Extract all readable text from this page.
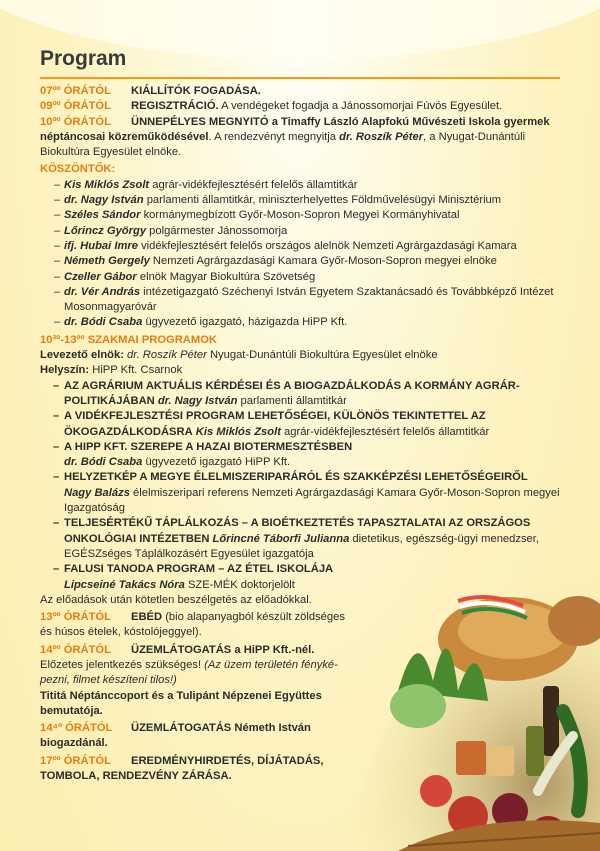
Program

07ºº ÓRÁTÓL KIÁLLÍTÓK FOGADÁSA.

09ºº ÓRÁTÓL REGISZTRÁCIÓ. A vendégeket fogadja a Jánossomorjai Fúvós Egyesület.

10ºº ÓRÁTÓL ÜNNEPÉLYES MEGNYITÓ a Timaffy László Alapfokú Művészeti Iskola gyermek

néptáncosai közreműködésével. A rendezvényt megnyitja dr. Roszík Péter, a Nyugat-Dunántúli

Biokultúra Egyesület elnöke.

KÖSZÖNTŐK:

– Kis Miklós Zsolt agrár-vidékfejlesztésért felelős államtitkár
– dr. Nagy István parlamenti államtitkár, miniszterhelyettes Földművelésügyi Minisztérium
– Széles Sándor kormánymegbízott Győr-Moson-Sopron Megyei Kormányhivatal
– Lőrincz György polgármester Jánossomorja
– ifj. Hubai Imre vidékfejlesztésért felelős országos alelnök Nemzeti Agrárgazdasági Kamara
– Németh Gergely Nemzeti Agrárgazdasági Kamara Győr-Moson-Sopron megyei elnöke
– Czeller Gábor elnök Magyar Biokultúra Szövetség
– dr. Vér András intézetigazgató Széchenyi István Egyetem Szaktanácsadó és Továbbképző Intézet Mosonmagyaróvár
– dr. Bódi Csaba ügyvezető igazgató, házigazda HiPP Kft.

10³º-13ºº SZAKMAI PROGRAMOK

Levezető elnök: dr. Roszík Péter Nyugat-Dunántúli Biokultúra Egyesület elnöke

Helyszín: HiPP Kft. Csarnok

– AZ AGRÁRIUM AKTUÁLIS KÉRDÉSEI ÉS A BIOGAZDÁLKODÁS A KORMÁNY AGRÁR-POLITIKÁJÁBAN dr. Nagy István parlamenti államtitkár
– A VIDÉKFEJLESZTÉSI PROGRAM LEHETŐSÉGEI, KÜLÖNÖS TEKINTETTEL AZ ÖKOGAZDÁLKODÁSRA Kis Miklós Zsolt agrár-vidékfejlesztésért felelős államtitkár
– A HIPP KFT. SZEREPE A HAZAI BIOTERMESZTÉSBEN
dr. Bódi Csaba ügyvezető igazgató HiPP Kft.
– HELYZETKÉP A MEGYE ÉLELMISZERIPARÁRÓL ÉS SZAKKÉPZÉSI LEHETŐSÉGEIRŐL
Nagy Balázs élelmiszeripari referens Nemzeti Agrárgazdasági Kamara Győr-Moson-Sopron megyei Igazgatóság
– TELJESÉRTÉKŰ TÁPLÁLKOZÁS – A BIOÉTKEZTETÉS TAPASZTALATAI AZ ORSZÁGOS ONKOLÓGIAI INTÉZETBEN Lőrincné Táborfi Julianna dietetikus, egészség-ügyi menedzser, EGÉSZséges Táplálkozásért Egyesület igazgatója
– FALUSI TANODA PROGRAM – AZ ÉTEL ISKOLÁJA
Lipcseiné Takács Nóra SZE-MÉK doktorjelölt

Az előadások után kötetlen beszélgetés az előadókkal.

13ºº ÓRÁTÓL EBÉD (bio alapanyagból készült zöldséges

és húsos ételek, kóstolójeggyel).

14ºº ÓRÁTÓL ÜZEMLÁTOGATÁS a HiPP Kft.-nél.

Előzetes jelentkezés szükséges! (Az üzem területén fényké-

pezni, filmet készíteni tilos!)

Tititá Néptáncсoport és a Tulipánt Népzenei Együttes

bemutatója.

14⁴º ÓRÁTÓL ÜZEMLÁTOGATÁS Németh István

biogazdánál.

17ºº ÓRÁTÓL EREDMÉNYHIRDETÉS, DÍJÁTADÁS,

TOMBOLA, RENDEZVÉNY ZÁRÁSA.
